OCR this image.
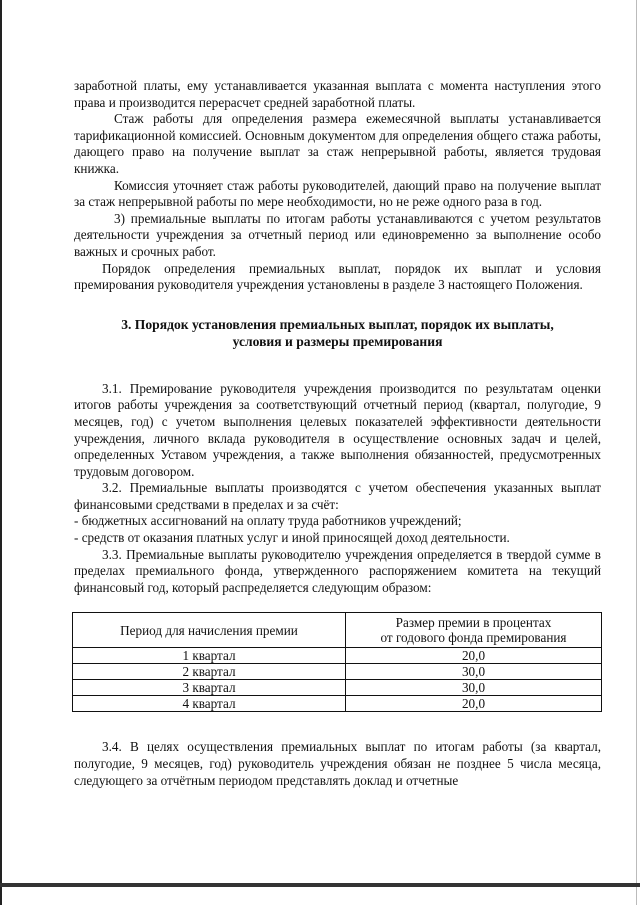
заработной платы, ему устанавливается указанная выплата с момента наступления этого права и производится перерасчет средней заработной платы.

Стаж работы для определения размера ежемесячной выплаты устанавливается тарификационной комиссией. Основным документом для определения общего стажа работы, дающего право на получение выплат за стаж непрерывной работы, является трудовая книжка.

Комиссия уточняет стаж работы руководителей, дающий право на получение выплат за стаж непрерывной работы по мере необходимости, но не реже одного раза в год.

3) премиальные выплаты по итогам работы устанавливаются с учетом результатов деятельности учреждения за отчетный период или единовременно за выполнение особо важных и срочных работ.

Порядок определения премиальных выплат, порядок их выплат и условия премирования руководителя учреждения установлены в разделе 3 настоящего Положения.

3. Порядок установления премиальных выплат, порядок их выплаты,
условия и размеры премирования

3.1. Премирование руководителя учреждения производится по результатам оценки итогов работы учреждения за соответствующий отчетный период (квартал, полугодие, 9 месяцев, год) с учетом выполнения целевых показателей эффективности деятельности учреждения, личного вклада руководителя в осуществление основных задач и целей, определенных Уставом учреждения, а также выполнения обязанностей, предусмотренных трудовым договором.

3.2. Премиальные выплаты производятся с учетом обеспечения указанных выплат финансовыми средствами в пределах и за счёт:

- бюджетных ассигнований на оплату труда работников учреждений;

- средств от оказания платных услуг и иной приносящей доход деятельности.

3.3. Премиальные выплаты руководителю учреждения определяется в твердой сумме в пределах премиального фонда, утвержденного распоряжением комитета на текущий финансовый год, который распределяется следующим образом:

Период для начисления премии	Размер премии в процентах
от годового фонда премирования

1 квартал	20,0
2 квартал	30,0
3 квартал	30,0
4 квартал	20,0

3.4. В целях осуществления премиальных выплат по итогам работы (за квартал, полугодие, 9 месяцев, год) руководитель учреждения обязан не позднее 5 числа месяца, следующего за отчётным периодом представлять доклад и отчетные
